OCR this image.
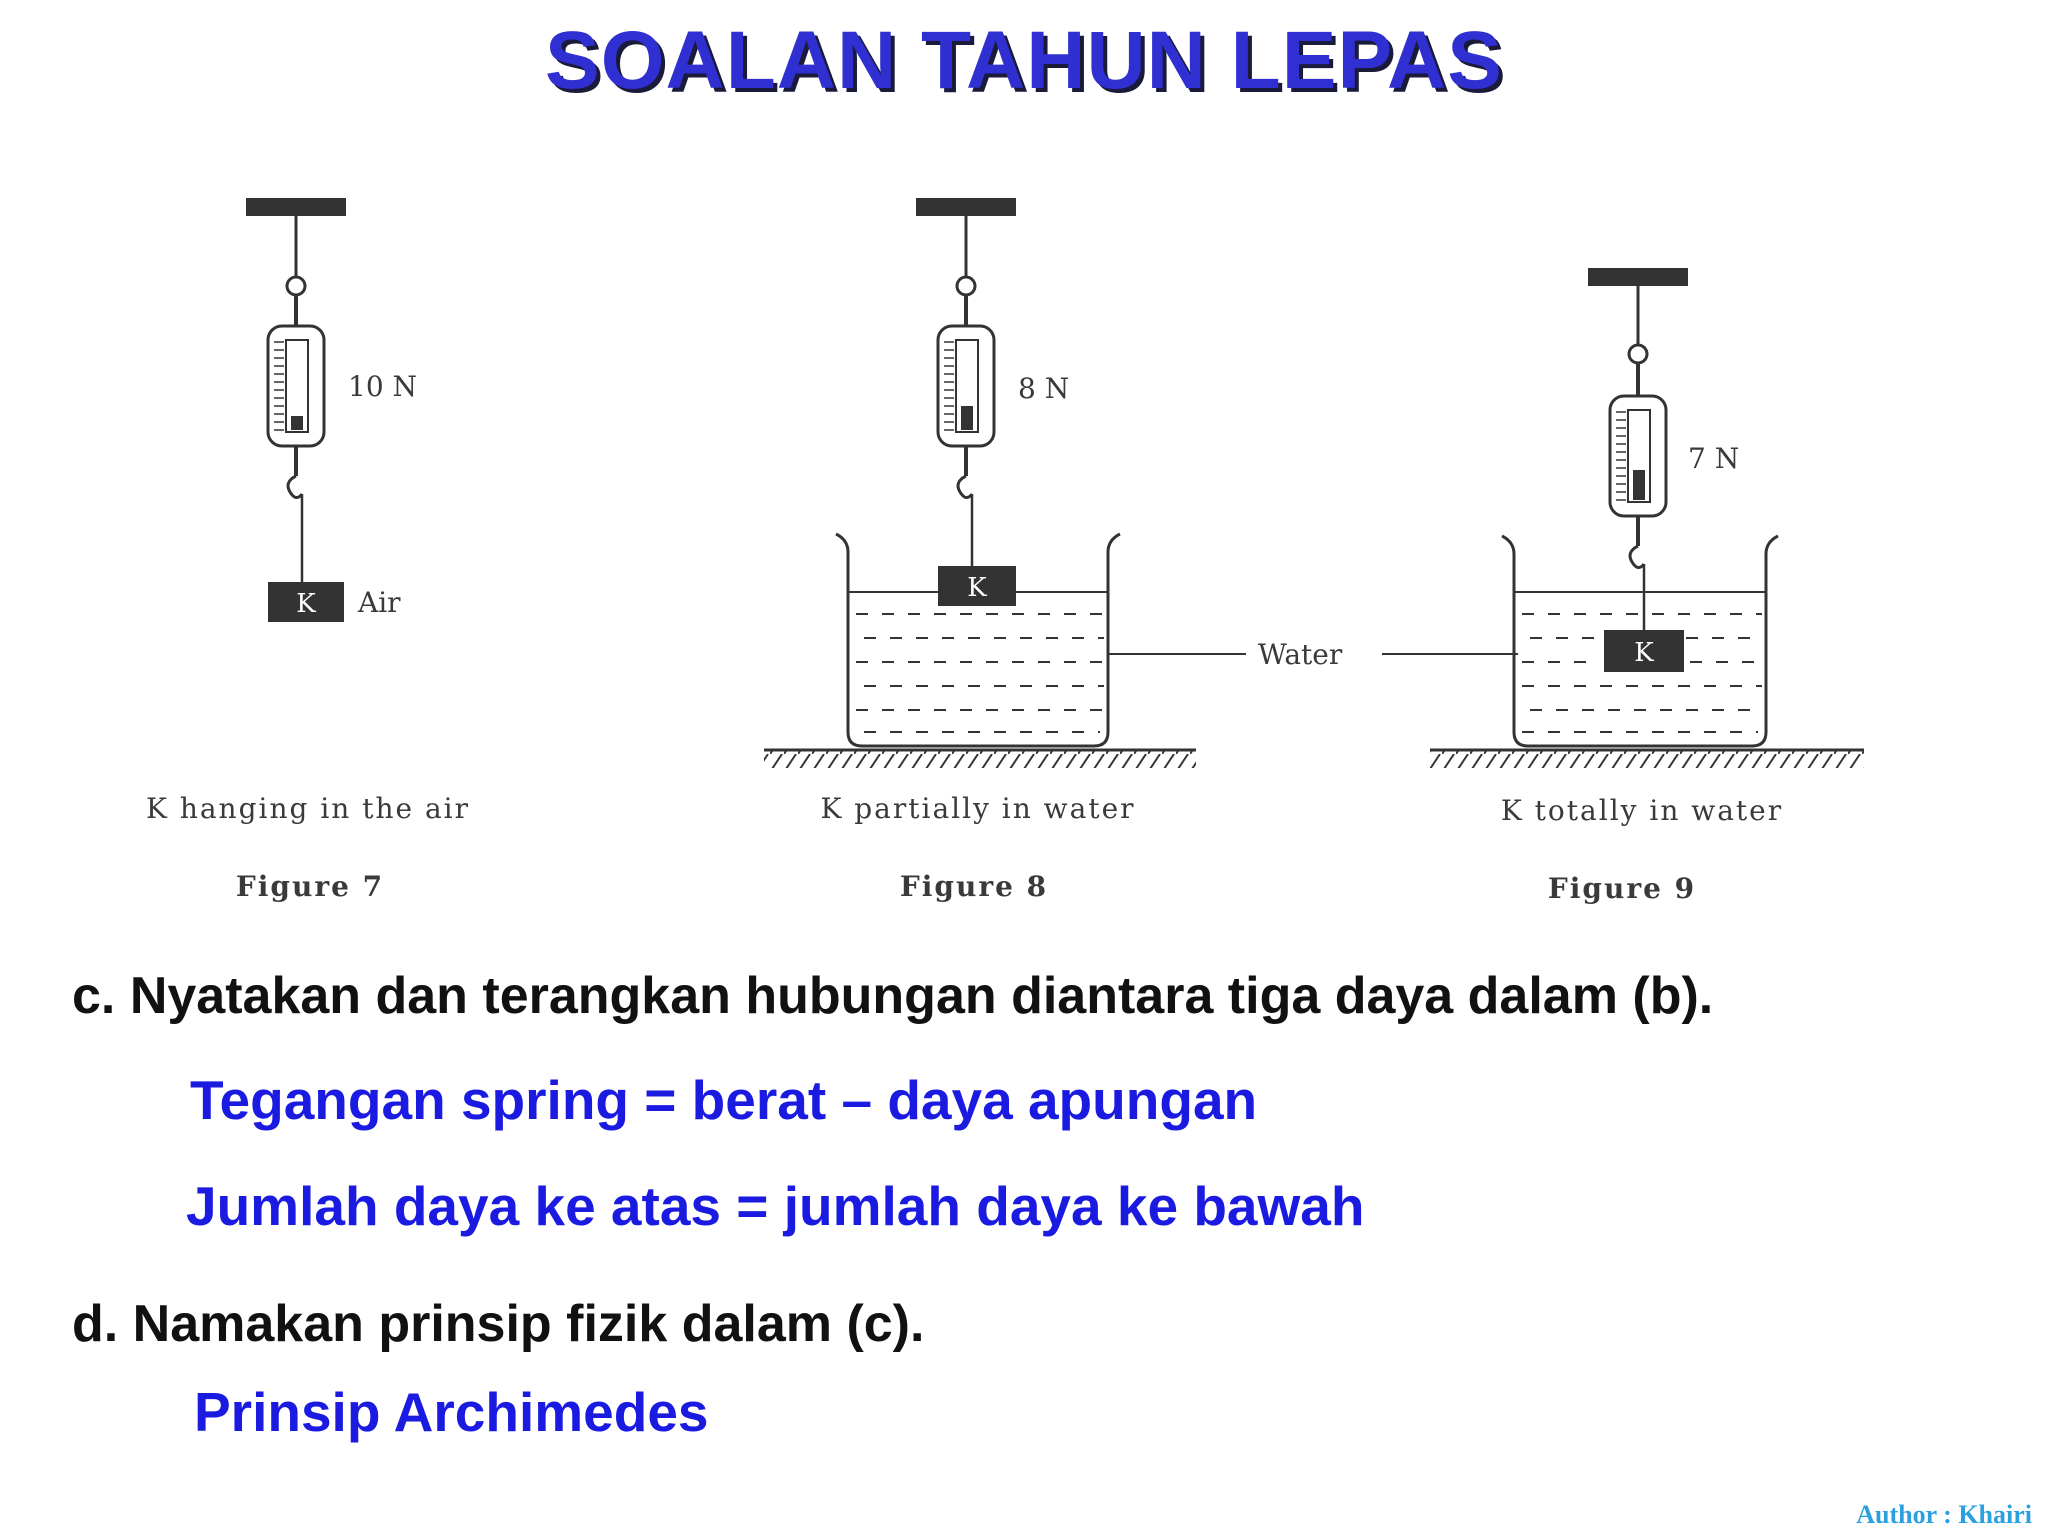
SOALAN TAHUN LEPAS
K
10 N
Air
K hanging in the air
Figure 7
K
8 N
K partially in water
Figure 8
Water	K
7 N
K totally in water
Figure 9
c. Nyatakan dan terangkan hubungan diantara tiga daya dalam (b).
Tegangan spring = berat – daya apungan
Jumlah daya ke atas = jumlah daya ke bawah
d. Namakan prinsip fizik dalam (c).
Prinsip Archimedes
Author : Khairi
